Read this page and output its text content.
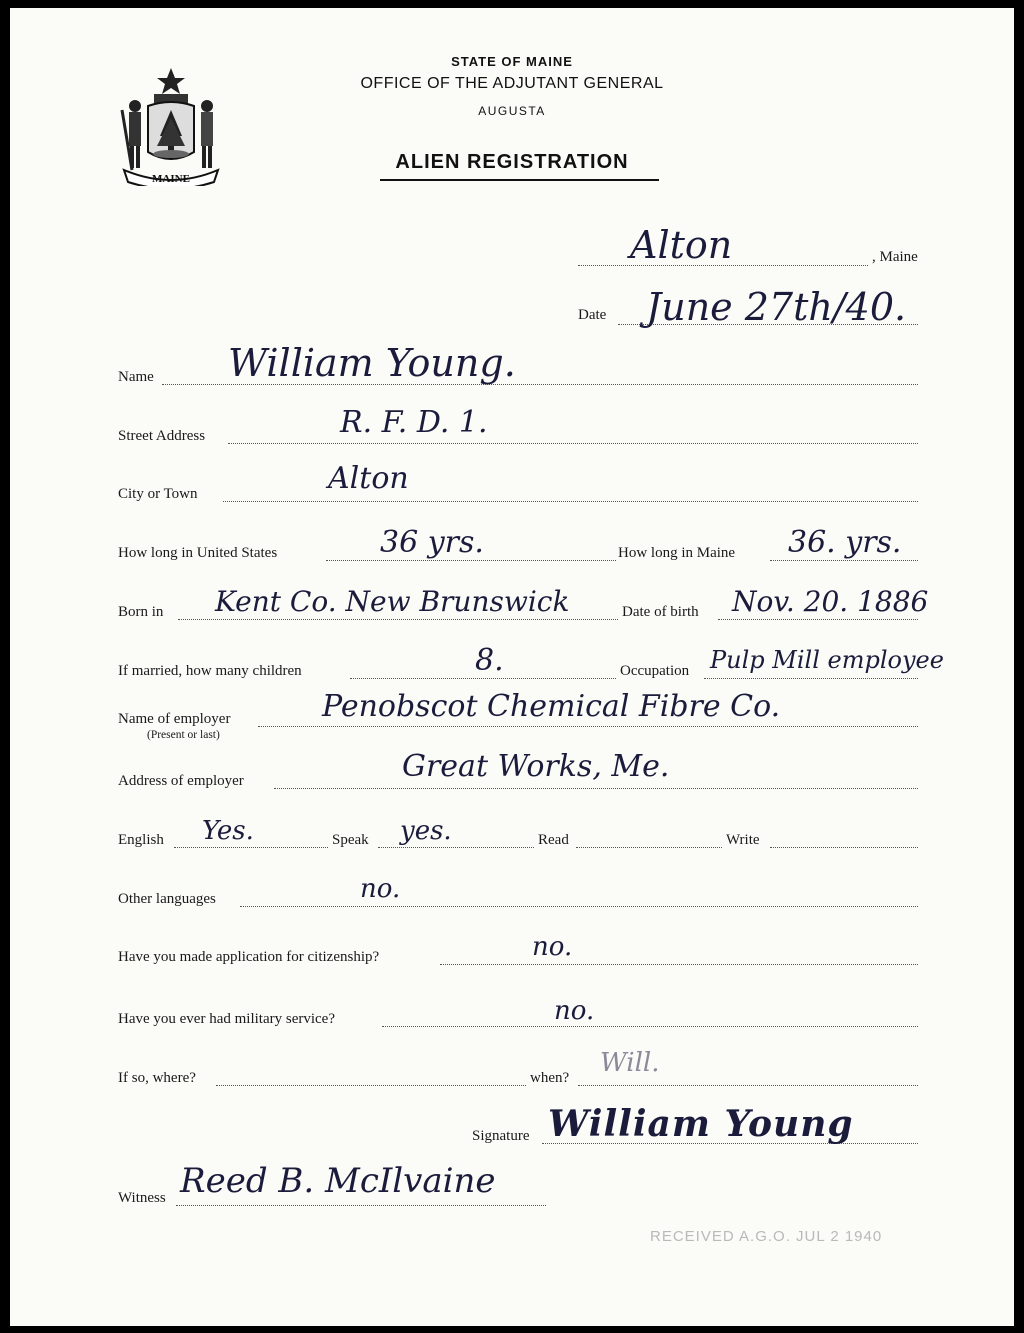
MAINE
STATE OF MAINE
OFFICE OF THE ADJUTANT GENERAL
AUGUSTA
ALIEN REGISTRATION
Alton	, Maine
Date June 27th/40.
Name William Young.
Street Address	R. F. D. 1.
City or Town	Alton
How long in United States	36 yrs.	How long in Maine 36. yrs.
Born in Kent Co. New Brunswick	Date of birth Nov. 20. 1886
If married, how many children	8.	Occupation Pulp Mill employee
Name of employer
(Present or last)
Penobscot Chemical Fibre Co.
Address of employer	Great Works, Me.
English Yes.	Speak yes.	Read	Write
Other languages	no.
Have you made application for citizenship?	no.
Have you ever had military service?	no.
If so, where?	when? Will.
Signature William Young
Witness Reed B. McIlvaine
RECEIVED A.G.O. JUL 2 1940
